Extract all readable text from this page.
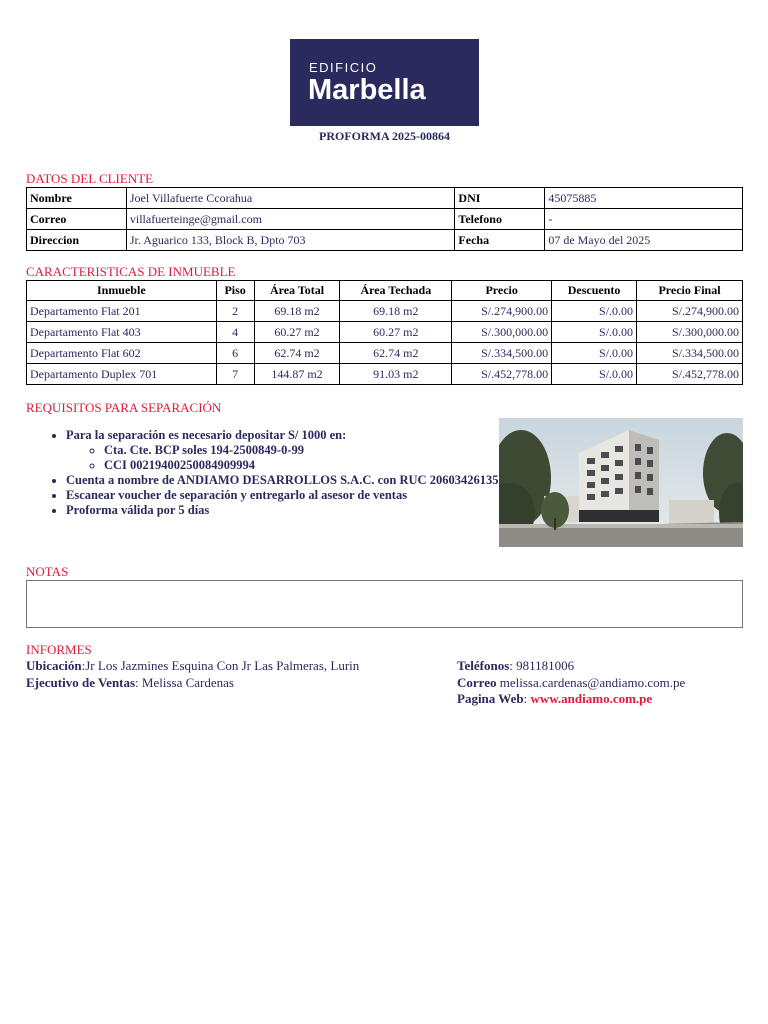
EDIFICIO
Marbella
PROFORMA 2025-00864
DATOS DEL CLIENTE
Nombre	Joel Villafuerte Ccorahua	DNI	45075885
Correo	villafuerteinge@gmail.com	Telefono	-
Direccion	Jr. Aguarico 133, Block B, Dpto 703	Fecha	07 de Mayo del 2025
CARACTERISTICAS DE INMUEBLE
Inmueble	Piso	Área Total	Área Techada	Precio	Descuento	Precio Final
Departamento Flat 201	2	69.18 m2	69.18 m2	S/.274,900.00	S/.0.00	S/.274,900.00
Departamento Flat 403	4	60.27 m2	60.27 m2	S/.300,000.00	S/.0.00	S/.300,000.00
Departamento Flat 602	6	62.74 m2	62.74 m2	S/.334,500.00	S/.0.00	S/.334,500.00
Departamento Duplex 701	7	144.87 m2	91.03 m2	S/.452,778.00	S/.0.00	S/.452,778.00
REQUISITOS PARA SEPARACIÓN
• Para la separación es necesario depositar S/ 1000 en:
◦ Cta. Cte. BCP soles 194-2500849-0-99
◦ CCI 00219400250084909994
• Cuenta a nombre de ANDIAMO DESARROLLOS S.A.C. con RUC 20603426135
• Escanear voucher de separación y entregarlo al asesor de ventas
• Proforma válida por 5 días
NOTAS
INFORMES
Ubicación:Jr Los Jazmines Esquina Con Jr Las Palmeras, Lurin
Ejecutivo de Ventas: Melissa Cardenas
Teléfonos: 981181006
Correo melissa.cardenas@andiamo.com.pe
Pagina Web: www.andiamo.com.pe
